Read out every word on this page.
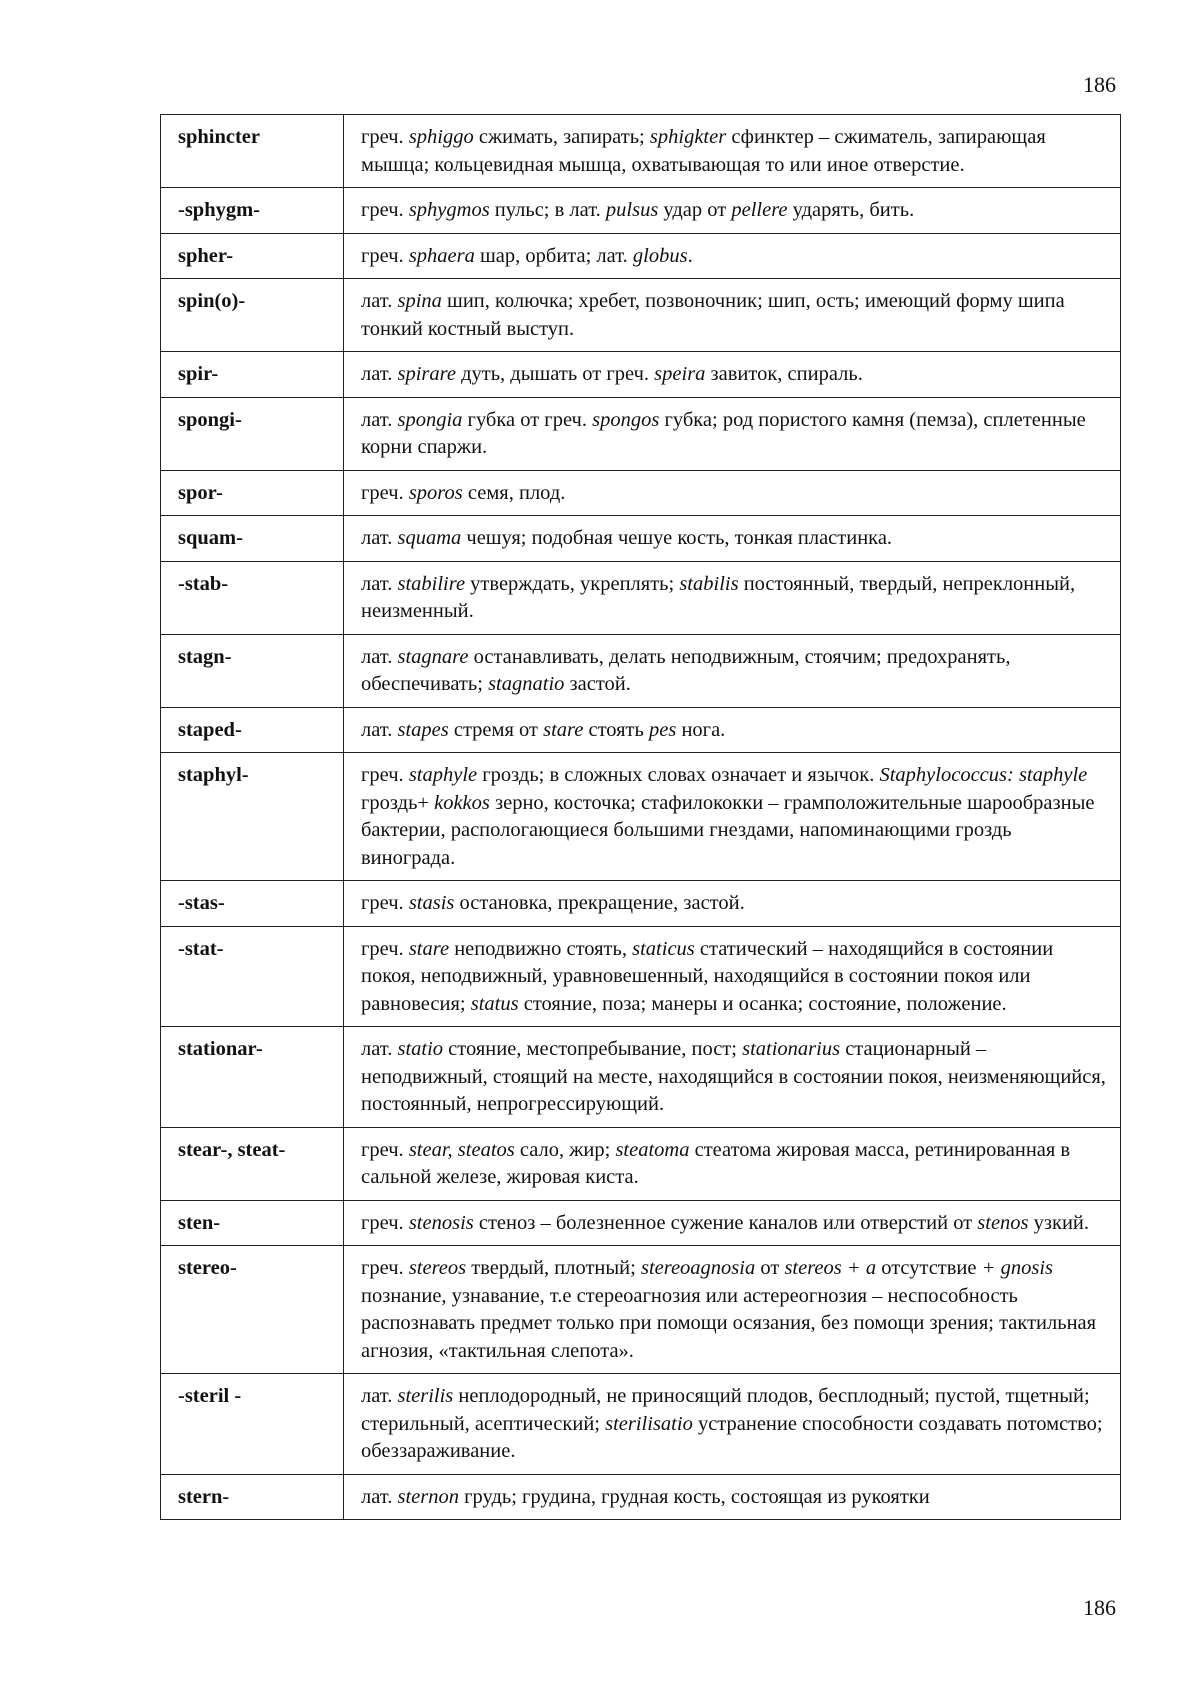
186
sphincter	греч. sphiggo сжимать, запирать; sphigkter сфинктер – сжиматель, запирающая мышца; кольцевидная мышца, охватывающая то или иное отверстие.
-sphygm-	греч. sphygmos пульс; в лат. pulsus удар от pellere ударять, бить.
spher-	греч. sphaera шар, орбита; лат. globus.
spin(o)-	лат. spina шип, колючка; хребет, позвоночник; шип, ость; имеющий форму шипа тонкий костный выступ.
spir-	лат. spirare дуть, дышать от греч. speira завиток, спираль.
spongi-	лат. spongia губка от греч. spongos губка; род пористого камня (пемза), сплетенные корни спаржи.
spor-	греч. sporos семя, плод.
squam-	лат. squama чешуя; подобная чешуе кость, тонкая пластинка.
-stab-	лат. stabilire утверждать, укреплять; stabilis постоянный, твердый, непреклонный, неизменный.
stagn-	лат. stagnare останавливать, делать неподвижным, стоячим; предохранять, обеспечивать; stagnatio застой.
staped-	лат. stapes стремя от stare стоять pes нога.
staphyl-	греч. staphyle гроздь; в сложных словах означает и язычок. Staphylococcus: staphyle гроздь+ kokkos зерно, косточка; стафилококки – грамположительные шарообразные бактерии, распологающиеся большими гнездами, напоминающими гроздь винограда.
-stas-	греч. stasis остановка, прекращение, застой.
-stat-	греч. stare неподвижно стоять, staticus статический – находящийся в состоянии покоя, неподвижный, уравновешенный, находящийся в состоянии покоя или равновесия; status стояние, поза; манеры и осанка; состояние, положение.
stationar-	лат. statio стояние, местопребывание, пост; stationarius стационарный – неподвижный, стоящий на месте, находящийся в состоянии покоя, неизменяющийся, постоянный, непрогрессирующий.
stear-, steat-	греч. stear, steatos сало, жир; steatoma стеатома жировая масса, ретинированная в сальной железе, жировая киста.
sten-	греч. stenosis стеноз – болезненное сужение каналов или отверстий от stenos узкий.
stereo-	греч. stereos твердый, плотный; stereoagnosia от stereos + a отсутствие + gnosis познание, узнавание, т.е стереоагнозия или астереогнозия – неспособность распознавать предмет только при помощи осязания, без помощи зрения; тактильная агнозия, «тактильная слепота».
-steril -	лат. sterilis неплодородный, не приносящий плодов, бесплодный; пустой, тщетный; стерильный, асептический; sterilisatio устранение способности создавать потомство; обеззараживание.
stern-	лат. sternon грудь; грудина, грудная кость, состоящая из рукоятки
186
